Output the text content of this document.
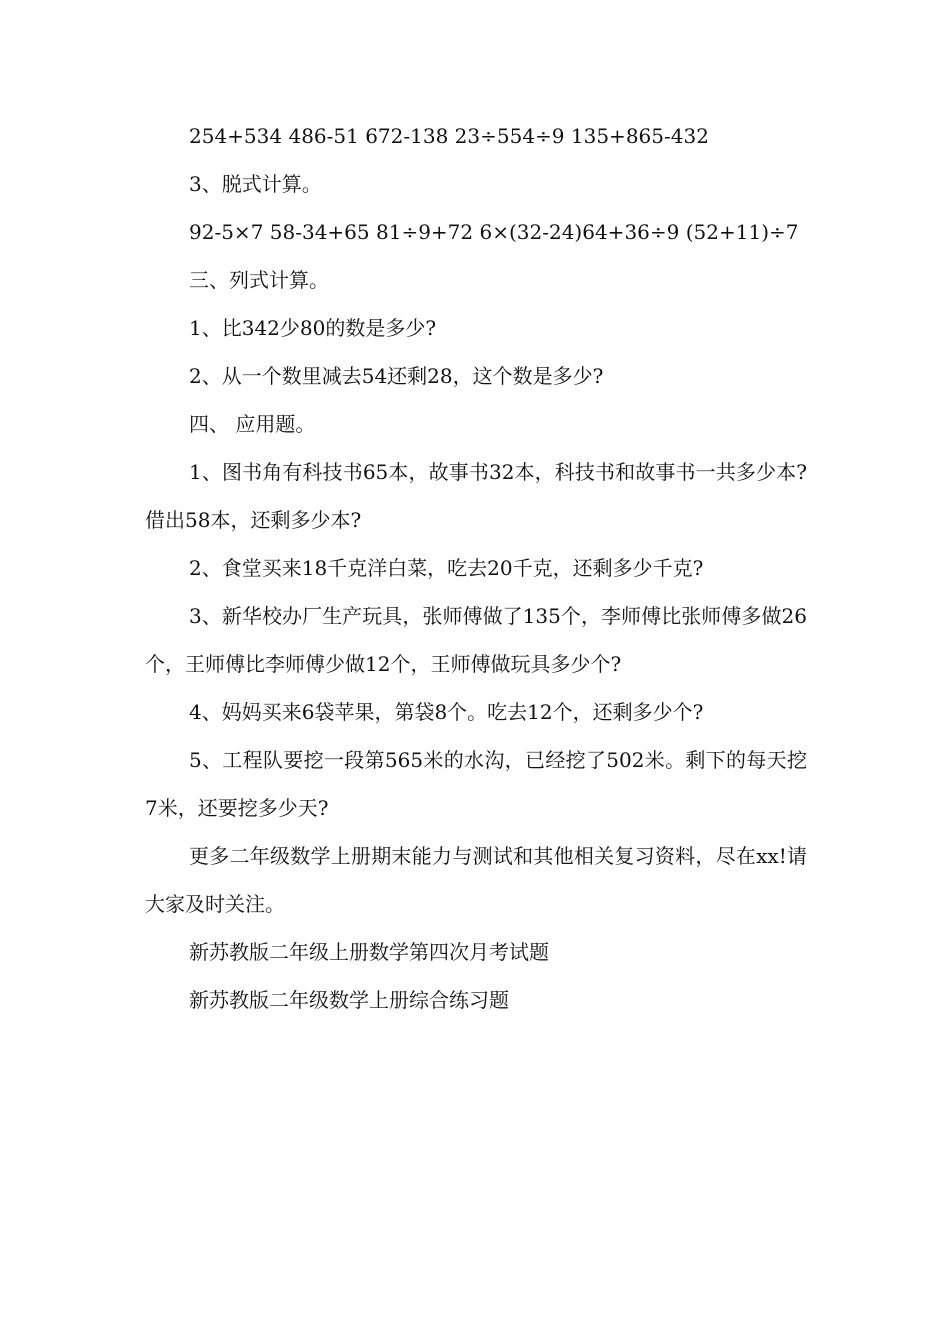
254+534 486-51 672-138 23÷554÷9 135+865-432

3、脱式计算。

92-5×7 58-34+65 81÷9+72 6×(32-24)64+36÷9 (52+11)÷7

三、列式计算。

1、比342少80的数是多少?

2、从一个数里减去54还剩28，这个数是多少?

四、 应用题。

1、图书角有科技书65本，故事书32本，科技书和故事书一共多少本?借出58本，还剩多少本?

2、食堂买来18千克洋白菜，吃去20千克，还剩多少千克?

3、新华校办厂生产玩具，张师傅做了135个，李师傅比张师傅多做26个，王师傅比李师傅少做12个，王师傅做玩具多少个?

4、妈妈买来6袋苹果，第袋8个。吃去12个，还剩多少个?

5、工程队要挖一段第565米的水沟，已经挖了502米。剩下的每天挖7米，还要挖多少天?

更多二年级数学上册期末能力与测试和其他相关复习资料，尽在xx!请大家及时关注。

新苏教版二年级上册数学第四次月考试题

新苏教版二年级数学上册综合练习题
